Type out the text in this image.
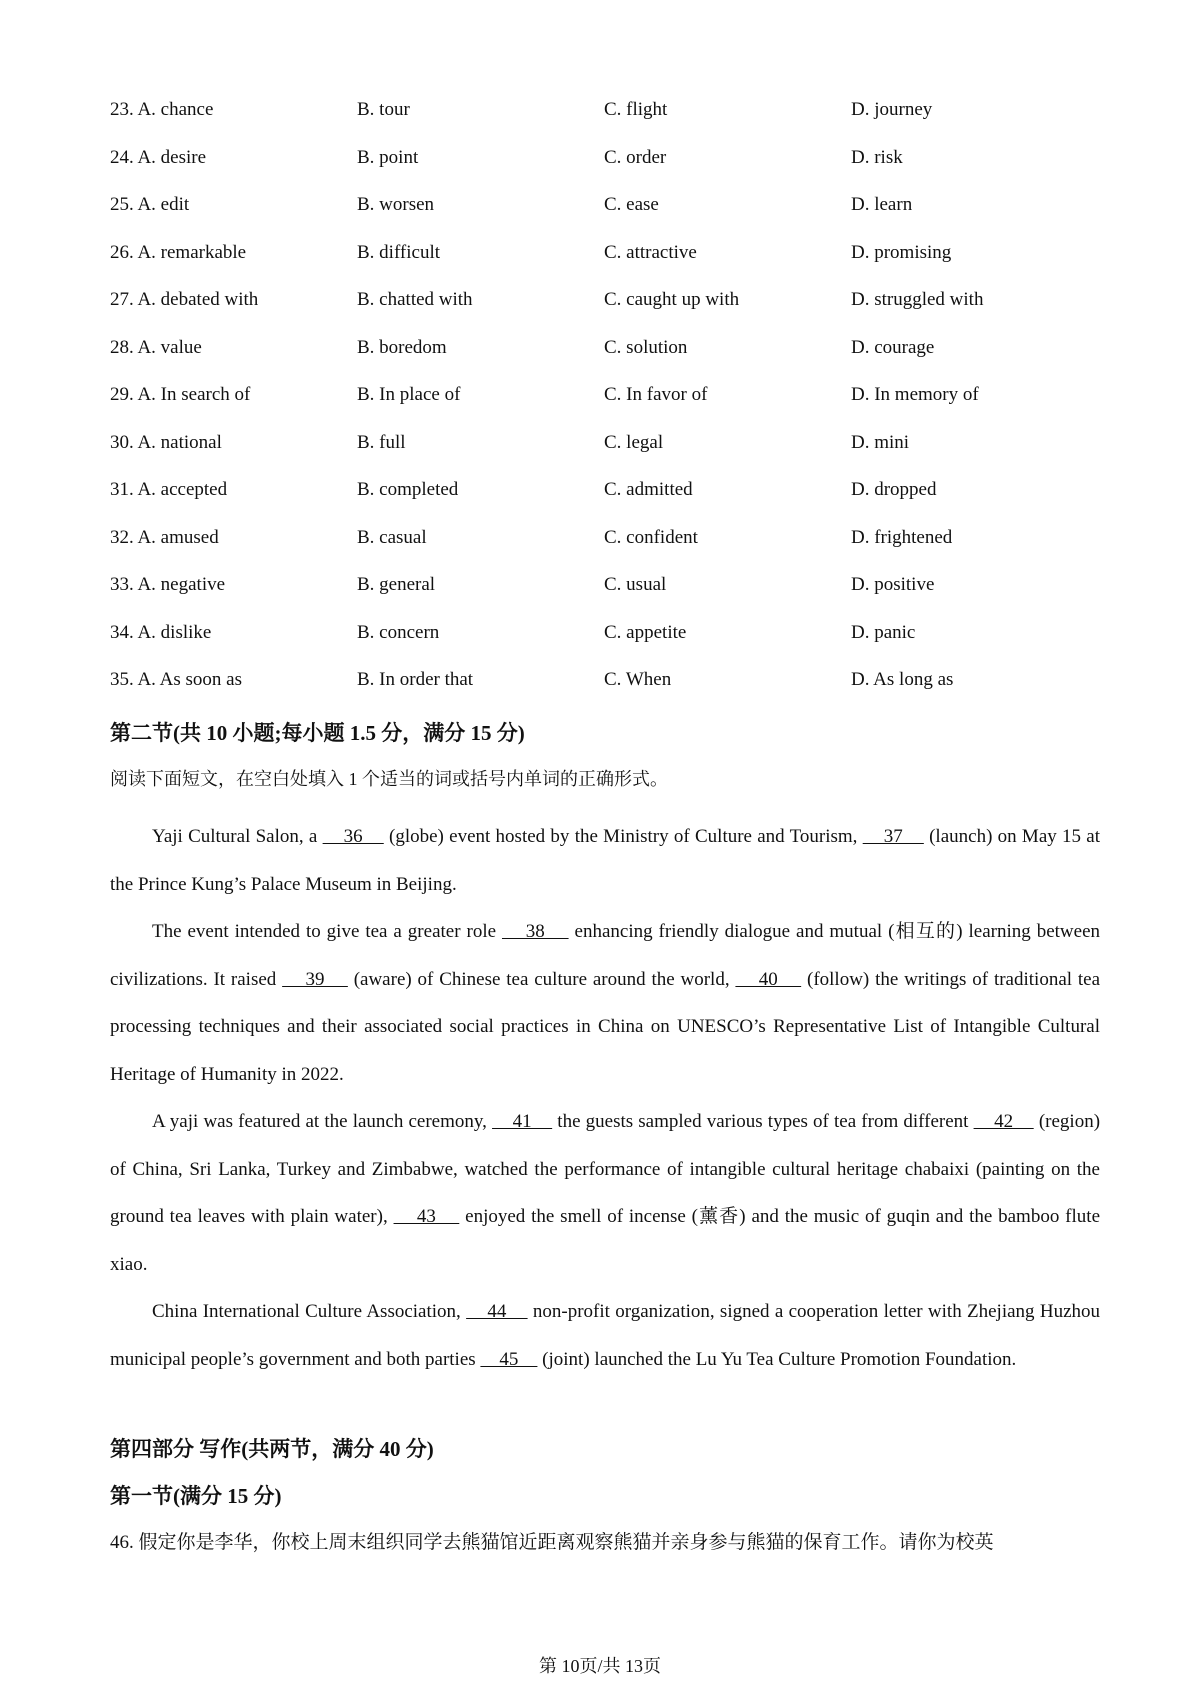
23. A. chance	B. tour	C. flight	D. journey
24. A. desire	B. point	C. order	D. risk
25. A. edit	B. worsen	C. ease	D. learn
26. A. remarkable	B. difficult	C. attractive	D. promising
27. A. debated with	B. chatted with	C. caught up with	D. struggled with
28. A. value	B. boredom	C. solution	D. courage
29. A. In search of	B. In place of	C. In favor of	D. In memory of
30. A. national	B. full	C. legal	D. mini
31. A. accepted	B. completed	C. admitted	D. dropped
32. A. amused	B. casual	C. confident	D. frightened
33. A. negative	B. general	C. usual	D. positive
34. A. dislike	B. concern	C. appetite	D. panic
35. A. As soon as	B. In order that	C. When	D. As long as
第二节(共 10 小题;每小题 1.5 分，满分 15 分)
阅读下面短文，在空白处填入 1 个适当的词或括号内单词的正确形式。

Yaji Cultural Salon, a     36     (globe) event hosted by the Ministry of Culture and Tourism,     37     (launch) on May 15 at the Prince Kung’s Palace Museum in Beijing.

The event intended to give tea a greater role     38     enhancing friendly dialogue and mutual (相互的) learning between civilizations. It raised     39     (aware) of Chinese tea culture around the world,     40     (follow) the writings of traditional tea processing techniques and their associated social practices in China on UNESCO’s Representative List of Intangible Cultural Heritage of Humanity in 2022.

A yaji was featured at the launch ceremony,     41     the guests sampled various types of tea from different     42     (region) of China, Sri Lanka, Turkey and Zimbabwe, watched the performance of intangible cultural heritage chabaixi (painting on the ground tea leaves with plain water),     43     enjoyed the smell of incense (薰香) and the music of guqin and the bamboo flute xiao.

China International Culture Association,     44     non-profit organization, signed a cooperation letter with Zhejiang Huzhou municipal people’s government and both parties     45     (joint) launched the Lu Yu Tea Culture Promotion Foundation.

第四部分 写作(共两节，满分 40 分)
第一节(满分 15 分)
46. 假定你是李华，你校上周末组织同学去熊猫馆近距离观察熊猫并亲身参与熊猫的保育工作。请你为校英
第 10页/共 13页
